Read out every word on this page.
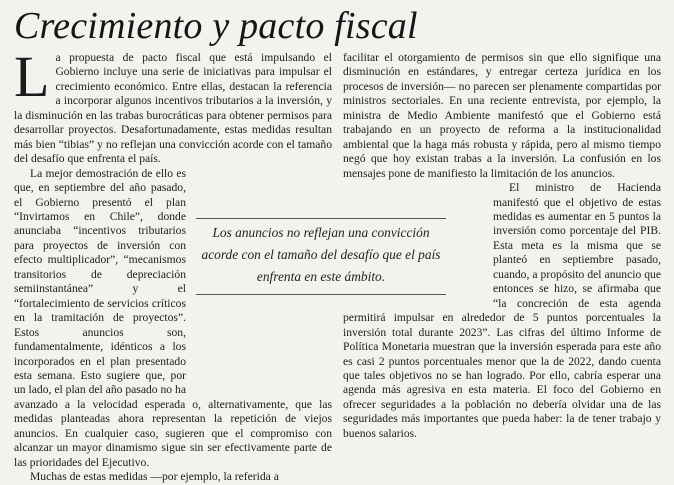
Crecimiento y pacto fiscal

La propuesta de pacto fiscal que está impulsando el Gobierno incluye una serie de iniciativas para impulsar el crecimiento económico. Entre ellas, destacan la referencia a incorporar algunos incentivos tributarios a la inversión, y la disminución en las trabas burocráticas para obtener permisos para desarrollar proyectos. Desafortunadamente, estas medidas resultan más bien “tibias” y no reflejan una convicción acorde con el tamaño del desafío que enfrenta el país.

La mejor demostración de ello es que, en septiembre del año pasado, el Gobierno presentó el plan “Invirtamos en Chile”, donde anunciaba “incentivos tributarios para proyectos de inversión con efecto multiplicador”, “mecanismos transitorios de depreciación semiinstantánea” y el “fortalecimiento de servicios críticos en la tramitación de proyectos”. Estos anuncios son, fundamentalmente, idénticos a los incorporados en el plan presentado esta semana. Esto sugiere que, por un lado, el plan del año pasado no ha avanzado a la velocidad esperada o, alternativamente, que las medidas planteadas ahora representan la repetición de viejos anuncios. En cualquier caso, sugieren que el compromiso con alcanzar un mayor dinamismo sigue sin ser efectivamente parte de las prioridades del Ejecutivo.

Muchas de estas medidas —por ejemplo, la referida a

facilitar el otorgamiento de permisos sin que ello signifique una disminución en estándares, y entregar certeza jurídica en los procesos de inversión— no parecen ser plenamente compartidas por ministros sectoriales. En una reciente entrevista, por ejemplo, la ministra de Medio Ambiente manifestó que el Gobierno está trabajando en un proyecto de reforma a la institucionalidad ambiental que la haga más robusta y rápida, pero al mismo tiempo negó que hoy existan trabas a la inversión. La confusión en los mensajes pone de manifiesto la limitación de los anuncios.

El ministro de Hacienda manifestó que el objetivo de estas medidas es aumentar en 5 puntos la inversión como porcentaje del PIB. Esta meta es la misma que se planteó en septiembre pasado, cuando, a propósito del anuncio que entonces se hizo, se afirmaba que “la concreción de esta agenda permitirá impulsar en alrededor de 5 puntos porcentuales la inversión total durante 2023”. Las cifras del último Informe de Política Monetaria muestran que la inversión esperada para este año es casi 2 puntos porcentuales menor que la de 2022, dando cuenta que tales objetivos no se han logrado. Por ello, cabría esperar una agenda más agresiva en esta materia. El foco del Gobierno en ofrecer seguridades a la población no debería olvidar una de las seguridades más importantes que pueda haber: la de tener trabajo y buenos salarios.

Los anuncios no reflejan una convicción acorde con el tamaño del desafío que el país enfrenta en este ámbito.
